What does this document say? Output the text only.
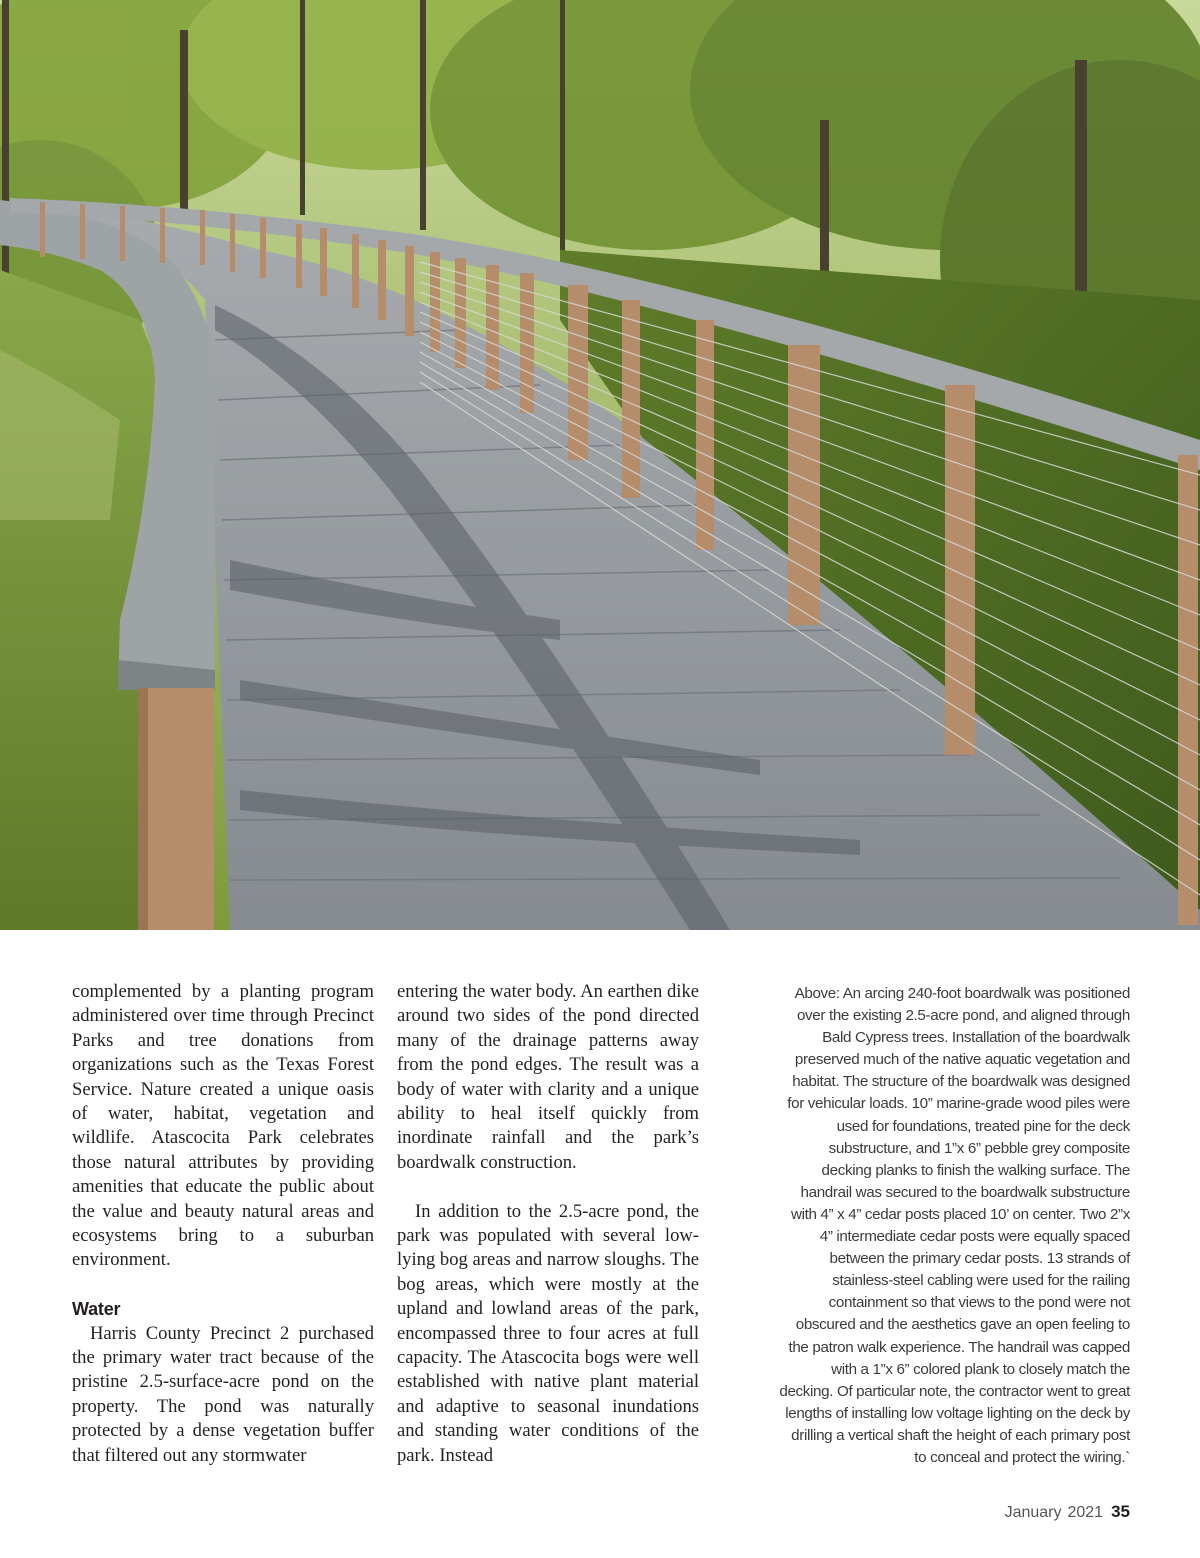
complemented by a planting program administered over time through Precinct Parks and tree donations from organizations such as the Texas Forest Service. Nature created a unique oasis of water, habitat, vegetation and wildlife. Atascocita Park celebrates those natural attributes by providing amenities that educate the public about the value and beauty natural areas and ecosystems bring to a suburban environment.

Water

Harris County Precinct 2 purchased the primary water tract because of the pristine 2.5-surface-acre pond on the property. The pond was naturally protected by a dense vegetation buffer that filtered out any stormwater

entering the water body. An earthen dike around two sides of the pond directed many of the drainage patterns away from the pond edges. The result was a body of water with clarity and a unique ability to heal itself quickly from inordinate rainfall and the park’s boardwalk construction.

In addition to the 2.5-acre pond, the park was populated with several low-lying bog areas and narrow sloughs. The bog areas, which were mostly at the upland and lowland areas of the park, encompassed three to four acres at full capacity. The Atascocita bogs were well established with native plant material and adaptive to seasonal inundations and standing water conditions of the park. Instead

Above: An arcing 240-foot boardwalk was positioned over the existing 2.5-acre pond, and aligned through Bald Cypress trees. Installation of the boardwalk preserved much of the native aquatic vegetation and habitat. The structure of the boardwalk was designed for vehicular loads. 10” marine-grade wood piles were used for foundations, treated pine for the deck substructure, and 1”x 6” pebble grey composite decking planks to finish the walking surface. The handrail was secured to the boardwalk substructure with 4” x 4” cedar posts placed 10’ on center. Two 2”x 4” intermediate cedar posts were equally spaced between the primary cedar posts. 13 strands of stainless-steel cabling were used for the railing containment so that views to the pond were not obscured and the aesthetics gave an open feeling to the patron walk experience. The handrail was capped with a 1”x 6” colored plank to closely match the decking. Of particular note, the contractor went to great lengths of installing low voltage lighting on the deck by drilling a vertical shaft the height of each primary post to conceal and protect the wiring.`

January 2021 35
